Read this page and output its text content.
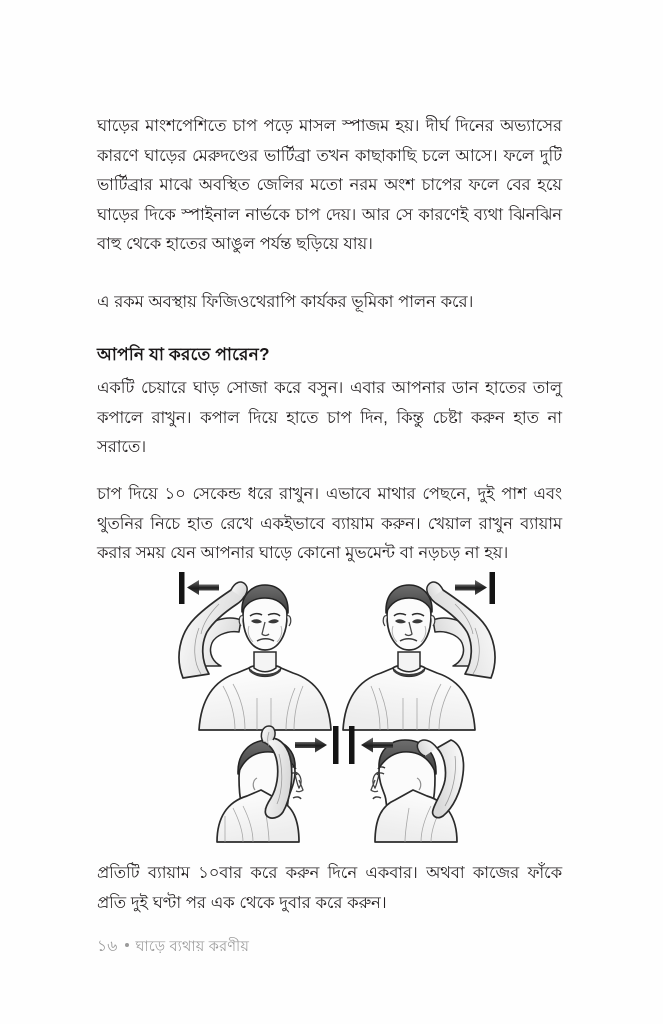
ঘাড়ের মাংশপেশিতে চাপ পড়ে মাসল স্পাজম হয়। দীর্ঘ দিনের অভ্যাসের কারণে ঘাড়ের মেরুদণ্ডের ভার্টিব্রা তখন কাছাকাছি চলে আসে। ফলে দুটি ভার্টিব্রার মাঝে অবস্থিত জেলির মতো নরম অংশ চাপের ফলে বের হয়ে ঘাড়ের দিকে স্পাইনাল নার্ভকে চাপ দেয়। আর সে কারণেই ব্যথা ঝিনঝিন বাহু থেকে হাতের আঙুল পর্যন্ত ছড়িয়ে যায়।

এ রকম অবস্থায় ফিজিওথেরাপি কার্যকর ভূমিকা পালন করে।

আপনি যা করতে পারেন?

একটি চেয়ারে ঘাড় সোজা করে বসুন। এবার আপনার ডান হাতের তালু কপালে রাখুন। কপাল দিয়ে হাতে চাপ দিন, কিন্তু চেষ্টা করুন হাত না সরাতে।

চাপ দিয়ে ১০ সেকেন্ড ধরে রাখুন। এভাবে মাথার পেছনে, দুই পাশ এবং থুতনির নিচে হাত রেখে একইভাবে ব্যায়াম করুন। খেয়াল রাখুন ব্যায়াম করার সময় যেন আপনার ঘাড়ে কোনো মুভমেন্ট বা নড়চড় না হয়।

প্রতিটি ব্যায়াম ১০বার করে করুন দিনে একবার। অথবা কাজের ফাঁকে প্রতি দুই ঘণ্টা পর এক থেকে দুবার করে করুন।

১৬ ঘাড়ে ব্যথায় করণীয়
